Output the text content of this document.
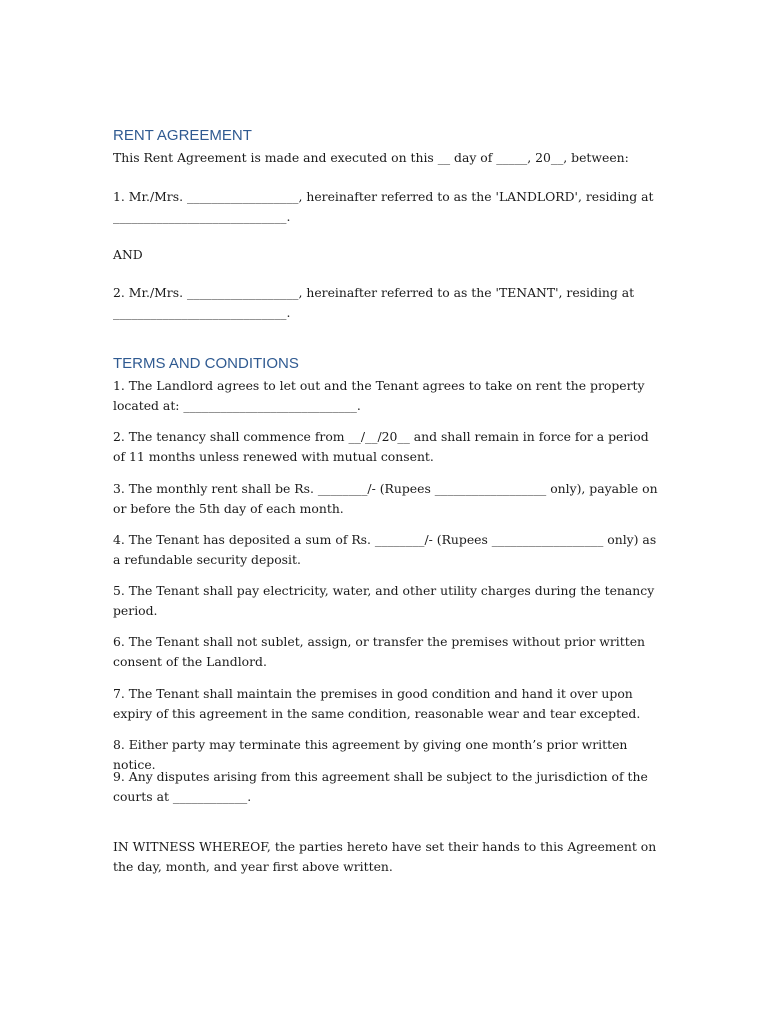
RENT AGREEMENT

This Rent Agreement is made and executed on this __ day of _____, 20__, between:

1. Mr./Mrs. __________________, hereinafter referred to as the 'LANDLORD', residing at ____________________________.

AND

2. Mr./Mrs. __________________, hereinafter referred to as the 'TENANT', residing at ____________________________.

TERMS AND CONDITIONS

1. The Landlord agrees to let out and the Tenant agrees to take on rent the property located at: ____________________________.

2. The tenancy shall commence from __/__/20__ and shall remain in force for a period of 11 months unless renewed with mutual consent.

3. The monthly rent shall be Rs. ________/- (Rupees __________________ only), payable on or before the 5th day of each month.

4. The Tenant has deposited a sum of Rs. ________/- (Rupees __________________ only) as a refundable security deposit.

5. The Tenant shall pay electricity, water, and other utility charges during the tenancy period.

6. The Tenant shall not sublet, assign, or transfer the premises without prior written consent of the Landlord.

7. The Tenant shall maintain the premises in good condition and hand it over upon expiry of this agreement in the same condition, reasonable wear and tear excepted.

8. Either party may terminate this agreement by giving one month’s prior written notice.

9. Any disputes arising from this agreement shall be subject to the jurisdiction of the courts at ____________.

IN WITNESS WHEREOF, the parties hereto have set their hands to this Agreement on the day, month, and year first above written.
